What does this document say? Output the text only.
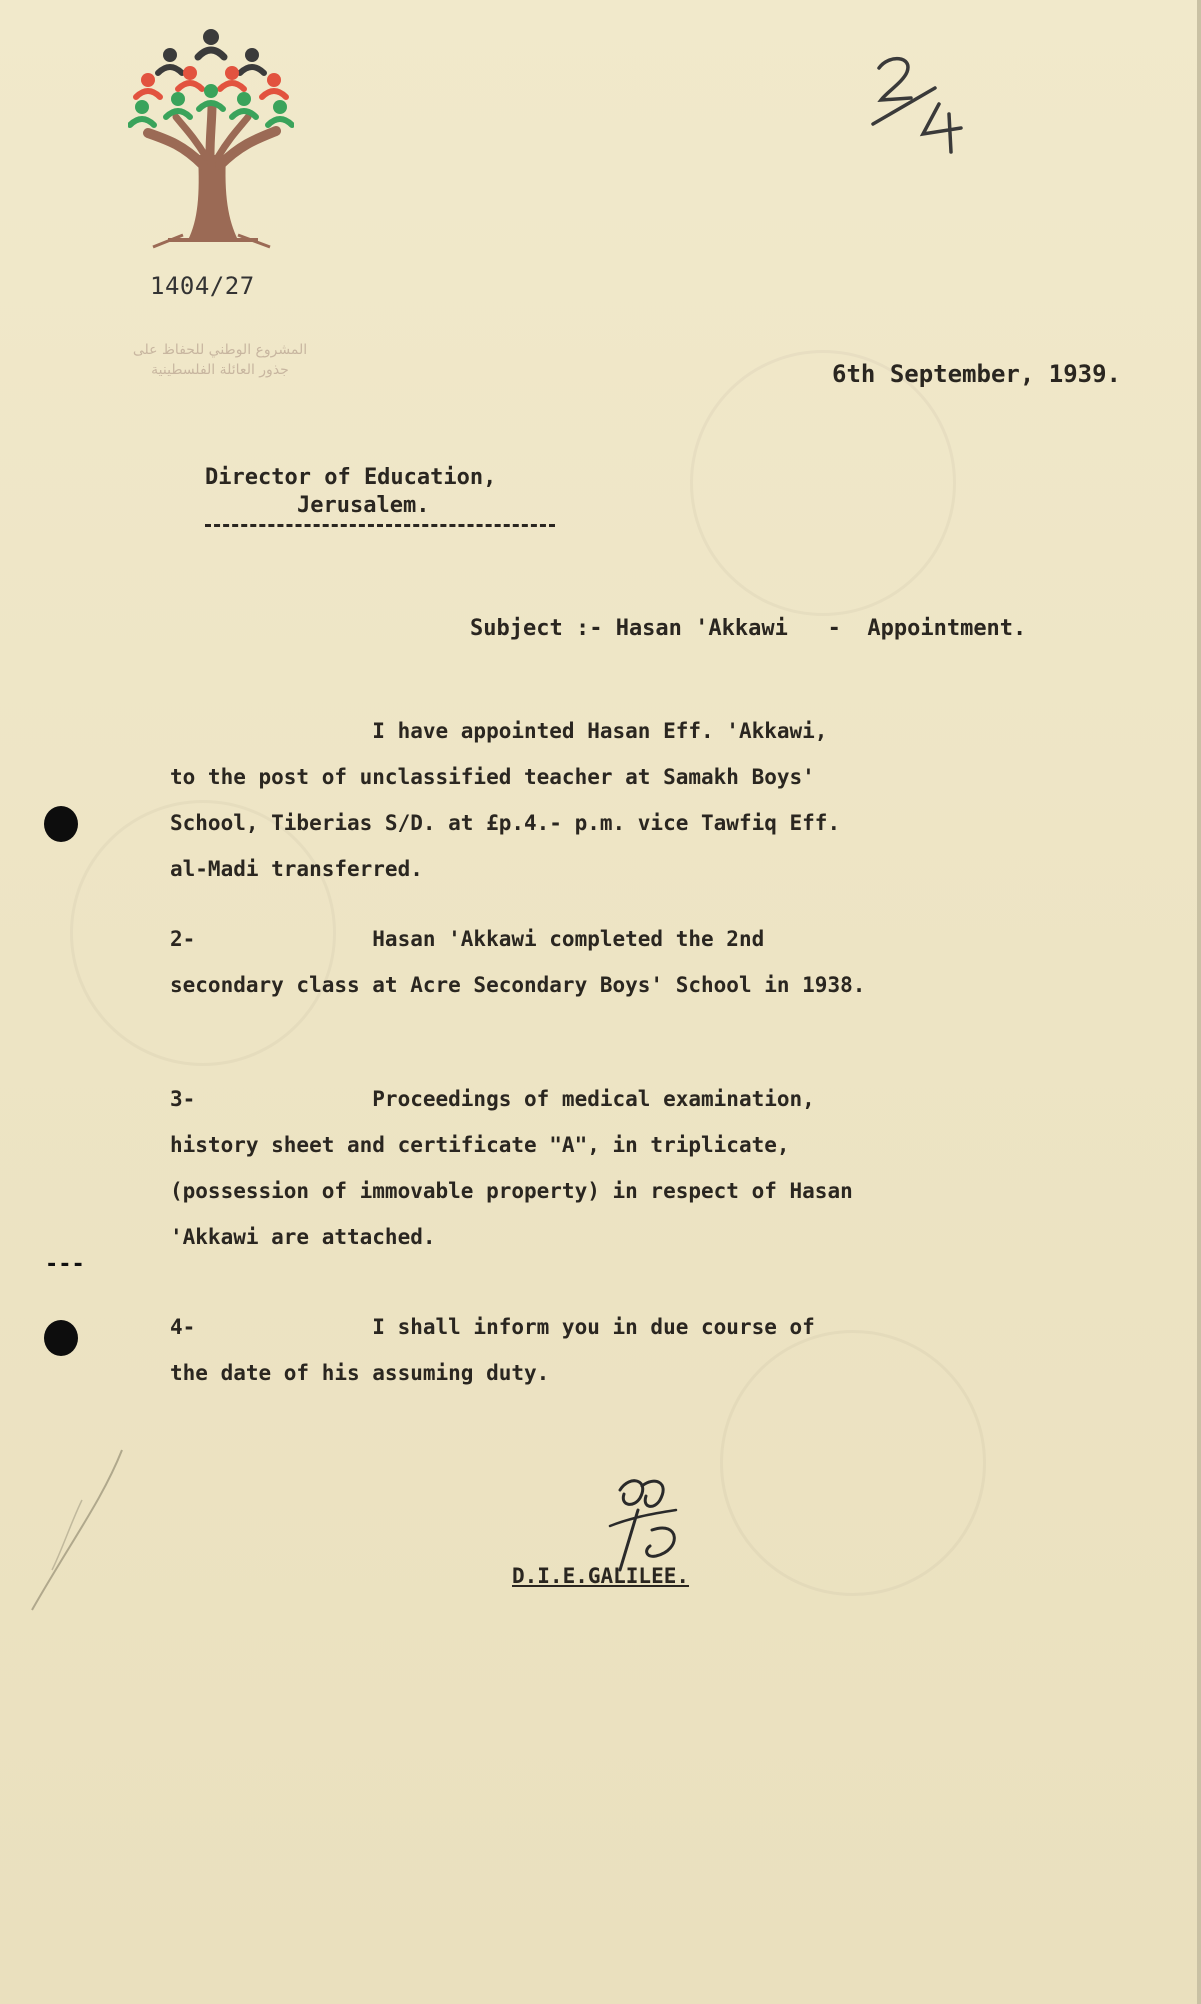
1404/27
المشروع الوطني للحفاظ على
جذور العائلة الفلسطينية	6th September, 1939.
Director of Education,
Jerusalem.
Subject :- Hasan 'Akkawi   -  Appointment.
I have appointed Hasan Eff. 'Akkawi,
to the post of unclassified teacher at Samakh Boys'
School, Tiberias S/D. at £p.4.- p.m. vice Tawfiq Eff.
al-Madi transferred.
2-              Hasan 'Akkawi completed the 2nd
secondary class at Acre Secondary Boys' School in 1938.
3-              Proceedings of medical examination,
history sheet and certificate "A", in triplicate,
(possession of immovable property) in respect of Hasan
'Akkawi are attached.
4-              I shall inform you in due course of
the date of his assuming duty.
D.I.E.GALILEE.
---
